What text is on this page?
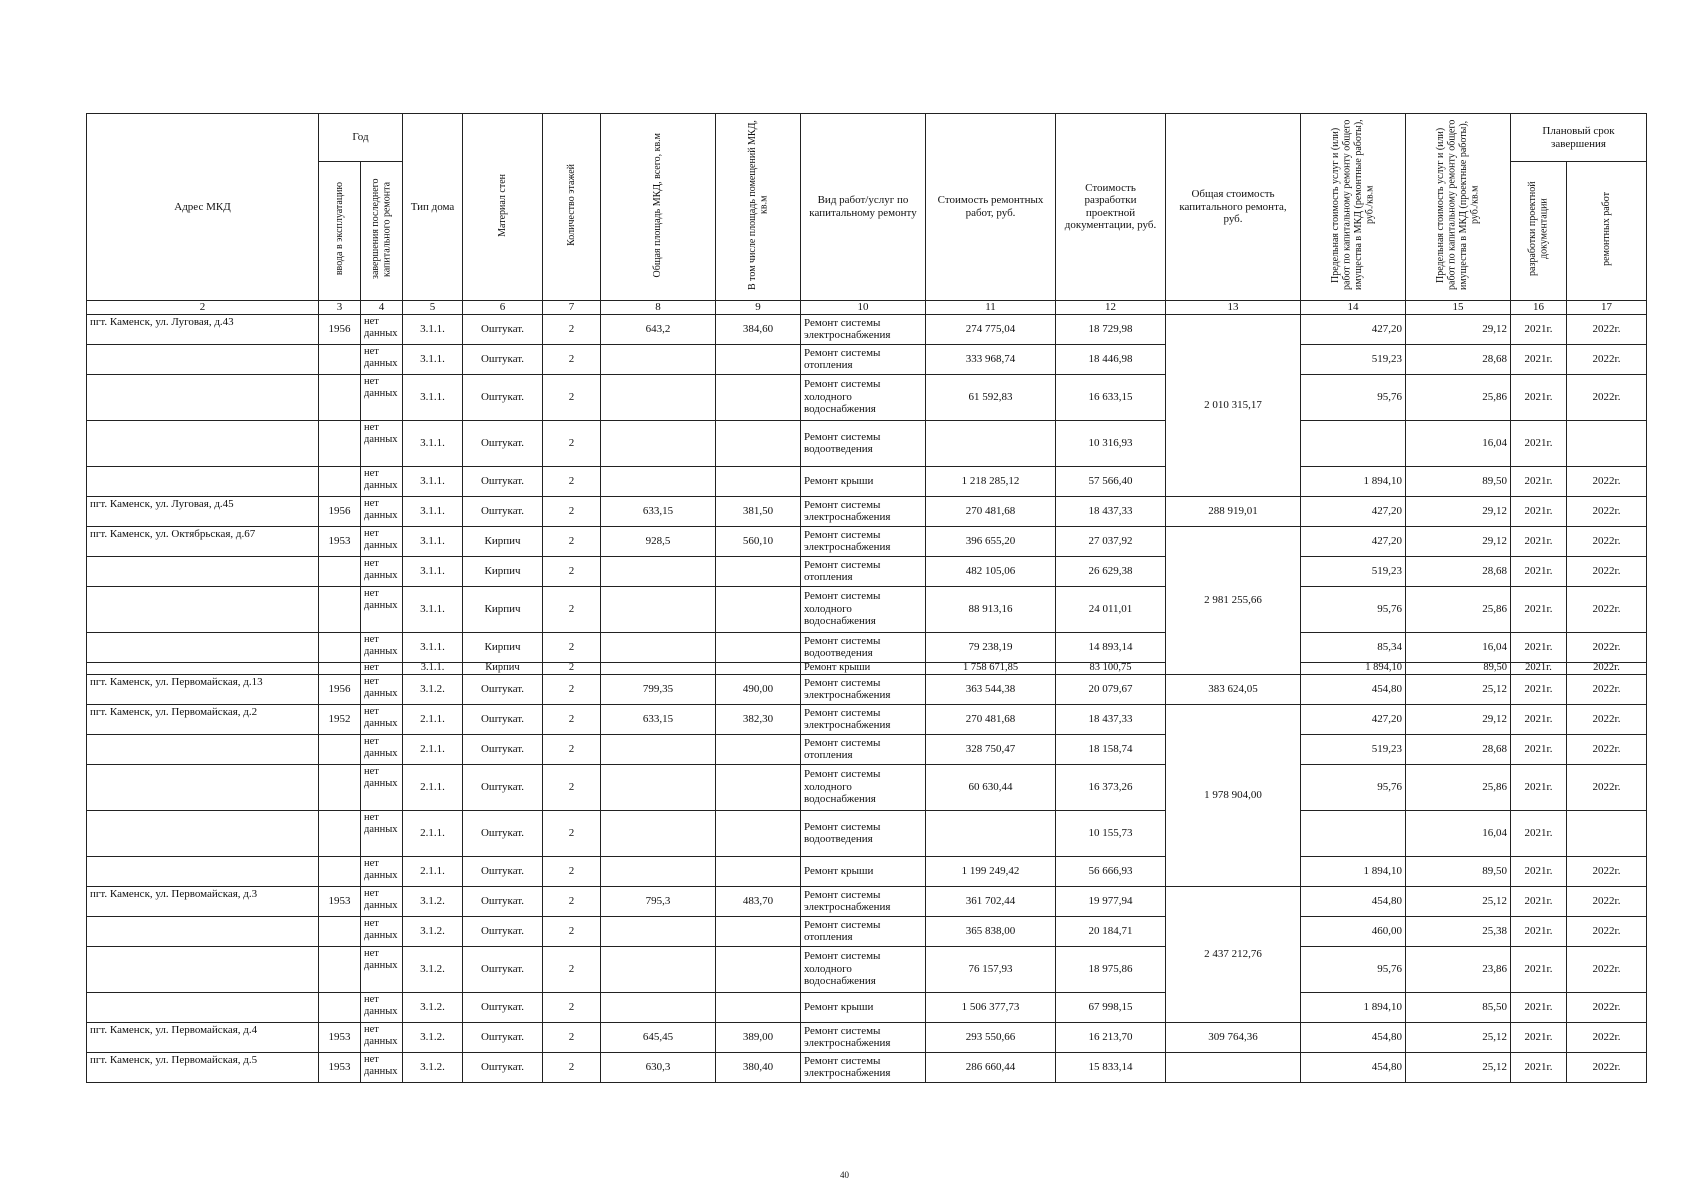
Адрес МКД	Год		Тип дома	Материал стен	Количество этажей	Общая площадь МКД, всего, кв.м	В том числе площадь помещений МКД, кв.м	Вид работ/услуг по капитальному ремонту	Стоимость ремонтных работ, руб.	Стоимость разработки проектной документации, руб.	Общая стоимость капитального ремонта, руб.	Предельная стоимость услуг и (или) работ по капитальному ремонту общего имущества в МКД (ремонтные работы), руб./кв.м	Предельная стоимость услуг и (или) работ по капитальному ремонту общего имущества в МКД (проектные работы), руб./кв.м	Плановый срок завершения	
	ввода в эксплуатацию	завершения последнего капитального ремонта												разработки проектной документации	ремонтных работ
2	3	4	5	6	7	8	9	10	11	12	13	14	15	16	17
пгт. Каменск, ул. Луговая, д.43	1956	нет данных	3.1.1.	Оштукат.	2	643,2	384,60	Ремонт системы электроснабжения	274 775,04	18 729,98	2 010 315,17	427,20	29,12	2021г.	2022г.
		нет данных	3.1.1.	Оштукат.	2			Ремонт системы отопления	333 968,74	18 446,98		519,23	28,68	2021г.	2022г.
		нет данных	3.1.1.	Оштукат.	2			Ремонт системы холодного водоснабжения	61 592,83	16 633,15		95,76	25,86	2021г.	2022г.
		нет данных	3.1.1.	Оштукат.	2			Ремонт системы водоотведения		10 316,93			16,04	2021г.	
		нет данных	3.1.1.	Оштукат.	2			Ремонт крыши	1 218 285,12	57 566,40		1 894,10	89,50	2021г.	2022г.
пгт. Каменск, ул. Луговая, д.45	1956	нет данных	3.1.1.	Оштукат.	2	633,15	381,50	Ремонт системы электроснабжения	270 481,68	18 437,33	288 919,01	427,20	29,12	2021г.	2022г.
пгт. Каменск, ул. Октябрьская, д.67	1953	нет данных	3.1.1.	Кирпич	2	928,5	560,10	Ремонт системы электроснабжения	396 655,20	27 037,92	2 981 255,66	427,20	29,12	2021г.	2022г.
		нет данных	3.1.1.	Кирпич	2			Ремонт системы отопления	482 105,06	26 629,38		519,23	28,68	2021г.	2022г.
		нет данных	3.1.1.	Кирпич	2			Ремонт системы холодного водоснабжения	88 913,16	24 011,01		95,76	25,86	2021г.	2022г.
		нет данных	3.1.1.	Кирпич	2			Ремонт системы водоотведения	79 238,19	14 893,14		85,34	16,04	2021г.	2022г.
		нет	3.1.1.	Кирпич	2			Ремонт крыши	1 758 671,85	83 100,75		1 894,10	89,50	2021г.	2022г.
пгт. Каменск, ул. Первомайская, д.13	1956	нет данных	3.1.2.	Оштукат.	2	799,35	490,00	Ремонт системы электроснабжения	363 544,38	20 079,67	383 624,05	454,80	25,12	2021г.	2022г.
пгт. Каменск, ул. Первомайская, д.2	1952	нет данных	2.1.1.	Оштукат.	2	633,15	382,30	Ремонт системы электроснабжения	270 481,68	18 437,33	1 978 904,00	427,20	29,12	2021г.	2022г.
		нет данных	2.1.1.	Оштукат.	2			Ремонт системы отопления	328 750,47	18 158,74		519,23	28,68	2021г.	2022г.
		нет данных	2.1.1.	Оштукат.	2			Ремонт системы холодного водоснабжения	60 630,44	16 373,26		95,76	25,86	2021г.	2022г.
		нет данных	2.1.1.	Оштукат.	2			Ремонт системы водоотведения		10 155,73			16,04	2021г.	
		нет данных	2.1.1.	Оштукат.	2			Ремонт крыши	1 199 249,42	56 666,93		1 894,10	89,50	2021г.	2022г.
пгт. Каменск, ул. Первомайская, д.3	1953	нет данных	3.1.2.	Оштукат.	2	795,3	483,70	Ремонт системы электроснабжения	361 702,44	19 977,94	2 437 212,76	454,80	25,12	2021г.	2022г.
		нет данных	3.1.2.	Оштукат.	2			Ремонт системы отопления	365 838,00	20 184,71		460,00	25,38	2021г.	2022г.
		нет данных	3.1.2.	Оштукат.	2			Ремонт системы холодного водоснабжения	76 157,93	18 975,86		95,76	23,86	2021г.	2022г.
		нет данных	3.1.2.	Оштукат.	2			Ремонт крыши	1 506 377,73	67 998,15		1 894,10	85,50	2021г.	2022г.
пгт. Каменск, ул. Первомайская, д.4	1953	нет данных	3.1.2.	Оштукат.	2	645,45	389,00	Ремонт системы электроснабжения	293 550,66	16 213,70	309 764,36	454,80	25,12	2021г.	2022г.
пгт. Каменск, ул. Первомайская, д.5	1953	нет данных	3.1.2.	Оштукат.	2	630,3	380,40	Ремонт системы электроснабжения	286 660,44	15 833,14		454,80	25,12	2021г.	2022г.
40
